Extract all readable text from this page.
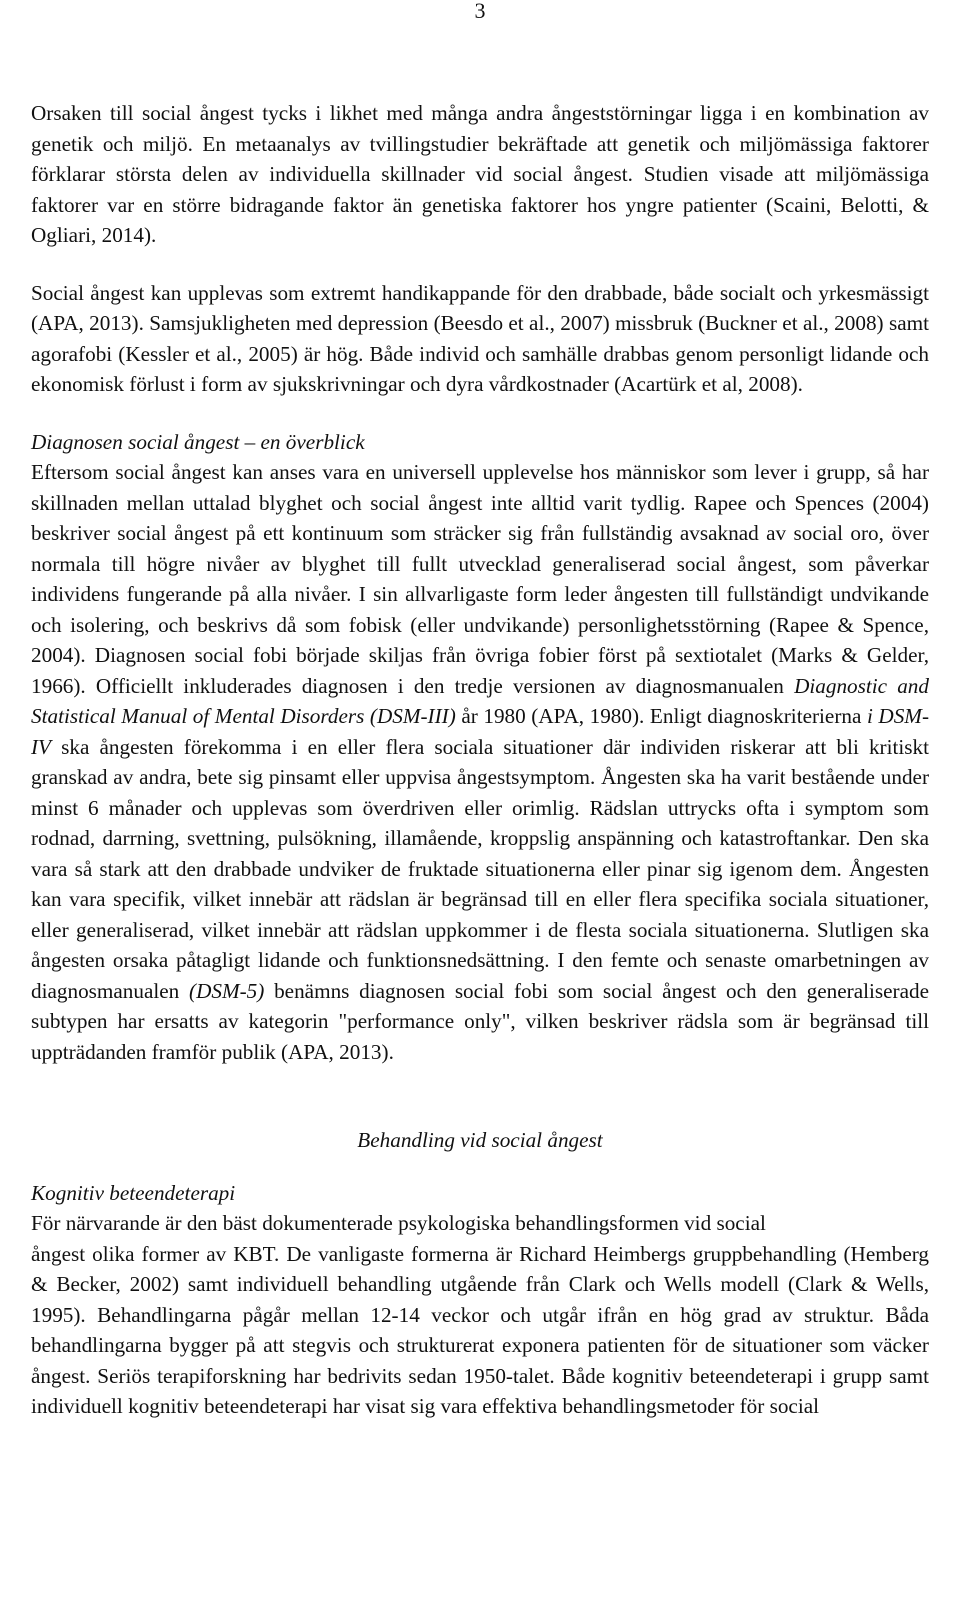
3

Orsaken till social ångest tycks i likhet med många andra ångeststörningar ligga i en kombination av genetik och miljö. En metaanalys av tvillingstudier bekräftade att genetik och miljömässiga faktorer förklarar största delen av individuella skillnader vid social ångest. Studien visade att miljömässiga faktorer var en större bidragande faktor än genetiska faktorer hos yngre patienter (Scaini, Belotti, & Ogliari, 2014).

Social ångest kan upplevas som extremt handikappande för den drabbade, både socialt och yrkesmässigt (APA, 2013). Samsjukligheten med depression (Beesdo et al., 2007) missbruk (Buckner et al., 2008) samt agorafobi (Kessler et al., 2005) är hög. Både individ och samhälle drabbas genom personligt lidande och ekonomisk förlust i form av sjukskrivningar och dyra vårdkostnader (Acartürk et al, 2008).

Diagnosen social ångest – en överblick

Eftersom social ångest kan anses vara en universell upplevelse hos människor som lever i grupp, så har skillnaden mellan uttalad blyghet och social ångest inte alltid varit tydlig. Rapee och Spences (2004) beskriver social ångest på ett kontinuum som sträcker sig från fullständig avsaknad av social oro, över normala till högre nivåer av blyghet till fullt utvecklad generaliserad social ångest, som påverkar individens fungerande på alla nivåer. I sin allvarligaste form leder ångesten till fullständigt undvikande och isolering, och beskrivs då som fobisk (eller undvikande) personlighetsstörning (Rapee & Spence, 2004). Diagnosen social fobi började skiljas från övriga fobier först på sextiotalet (Marks & Gelder, 1966). Officiellt inkluderades diagnosen i den tredje versionen av diagnosmanualen Diagnostic and Statistical Manual of Mental Disorders (DSM-III) år 1980 (APA, 1980). Enligt diagnoskriterierna i DSM-IV ska ångesten förekomma i en eller flera sociala situationer där individen riskerar att bli kritiskt granskad av andra, bete sig pinsamt eller uppvisa ångestsymptom. Ångesten ska ha varit bestående under minst 6 månader och upplevas som överdriven eller orimlig. Rädslan uttrycks ofta i symptom som rodnad, darrning, svettning, pulsökning, illamående, kroppslig anspänning och katastroftankar. Den ska vara så stark att den drabbade undviker de fruktade situationerna eller pinar sig igenom dem. Ångesten kan vara specifik, vilket innebär att rädslan är begränsad till en eller flera specifika sociala situationer, eller generaliserad, vilket innebär att rädslan uppkommer i de flesta sociala situationerna. Slutligen ska ångesten orsaka påtagligt lidande och funktionsnedsättning. I den femte och senaste omarbetningen av diagnosmanualen (DSM-5) benämns diagnosen social fobi som social ångest och den generaliserade subtypen har ersatts av kategorin "performance only", vilken beskriver rädsla som är begränsad till uppträdanden framför publik (APA, 2013).

Behandling vid social ångest

Kognitiv beteendeterapi

För närvarande är den bäst dokumenterade psykologiska behandlingsformen vid social

ångest olika former av KBT. De vanligaste formerna är Richard Heimbergs gruppbehandling (Hemberg & Becker, 2002) samt individuell behandling utgående från Clark och Wells modell (Clark & Wells, 1995). Behandlingarna pågår mellan 12-14 veckor och utgår ifrån en hög grad av struktur. Båda behandlingarna bygger på att stegvis och strukturerat exponera patienten för de situationer som väcker ångest. Seriös terapiforskning har bedrivits sedan 1950-talet. Både kognitiv beteendeterapi i grupp samt individuell kognitiv beteendeterapi har visat sig vara effektiva behandlingsmetoder för social
